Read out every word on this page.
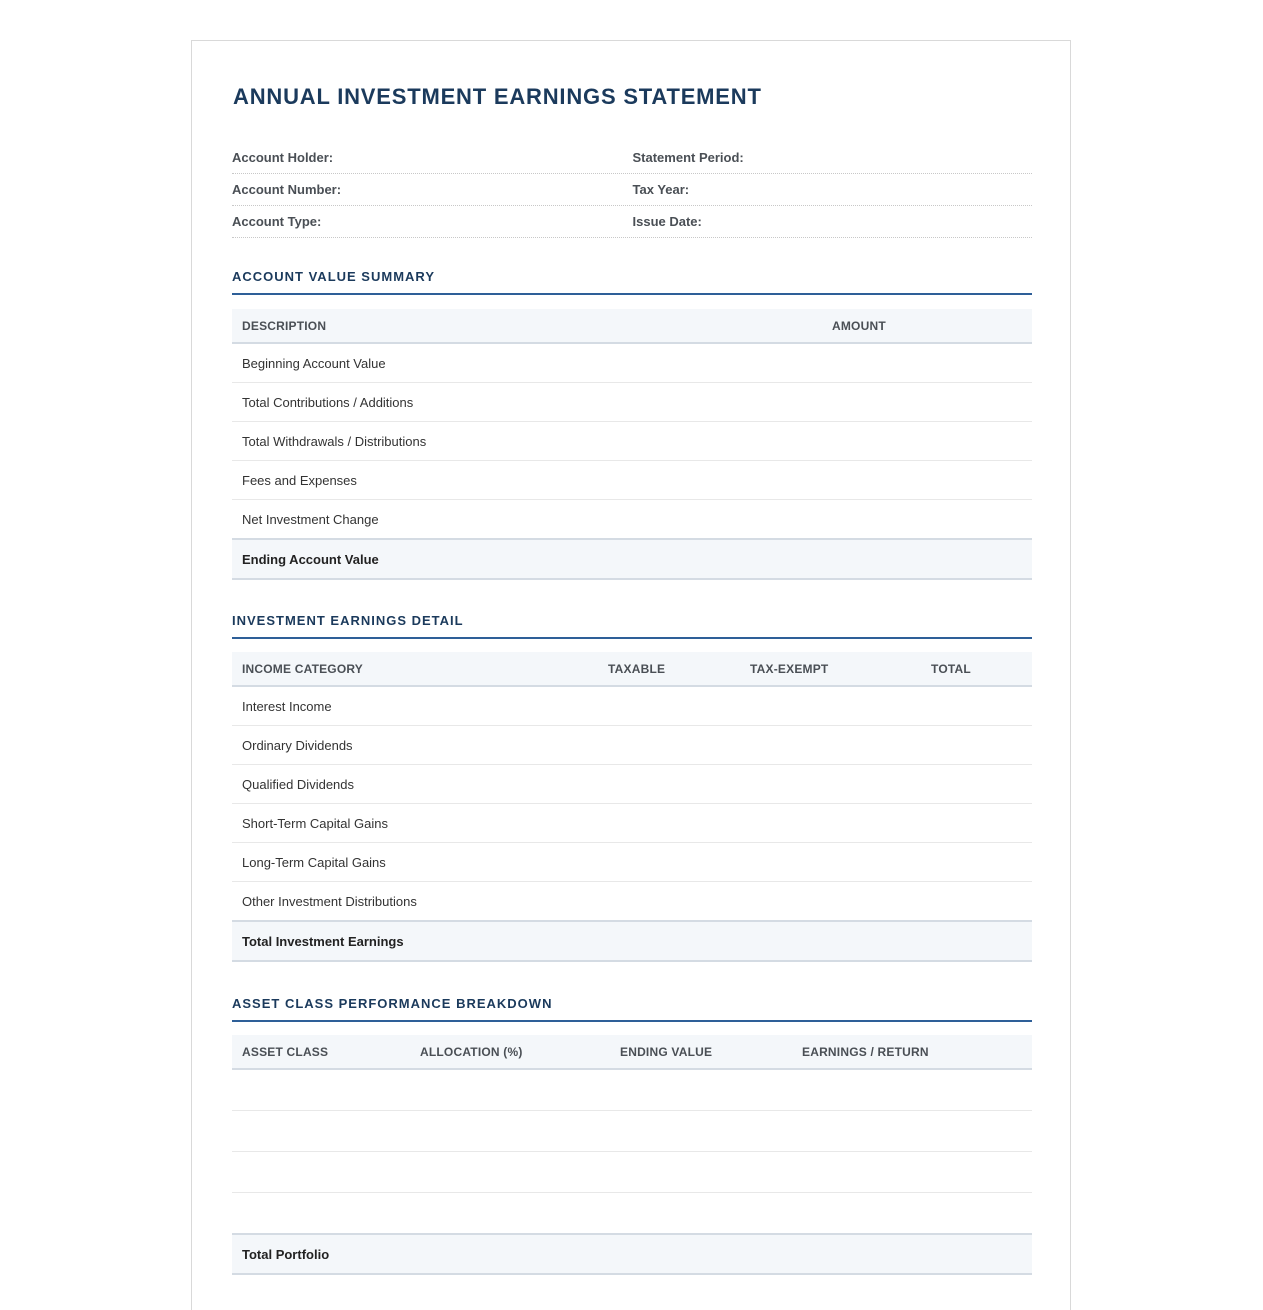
ANNUAL INVESTMENT EARNINGS STATEMENT
Account Holder:	Statement Period:
Account Number:	Tax Year:
Account Type:	Issue Date:
ACCOUNT VALUE SUMMARY
DESCRIPTION	AMOUNT
Beginning Account Value	
Total Contributions / Additions	
Total Withdrawals / Distributions	
Fees and Expenses	
Net Investment Change	
Ending Account Value	
INVESTMENT EARNINGS DETAIL
INCOME CATEGORY	TAXABLE	TAX-EXEMPT	TOTAL
Interest Income			
Ordinary Dividends			
Qualified Dividends			
Short-Term Capital Gains			
Long-Term Capital Gains			
Other Investment Distributions			
Total Investment Earnings			
ASSET CLASS PERFORMANCE BREAKDOWN
ASSET CLASS	ALLOCATION (%)	ENDING VALUE	EARNINGS / RETURN

Total Portfolio			
